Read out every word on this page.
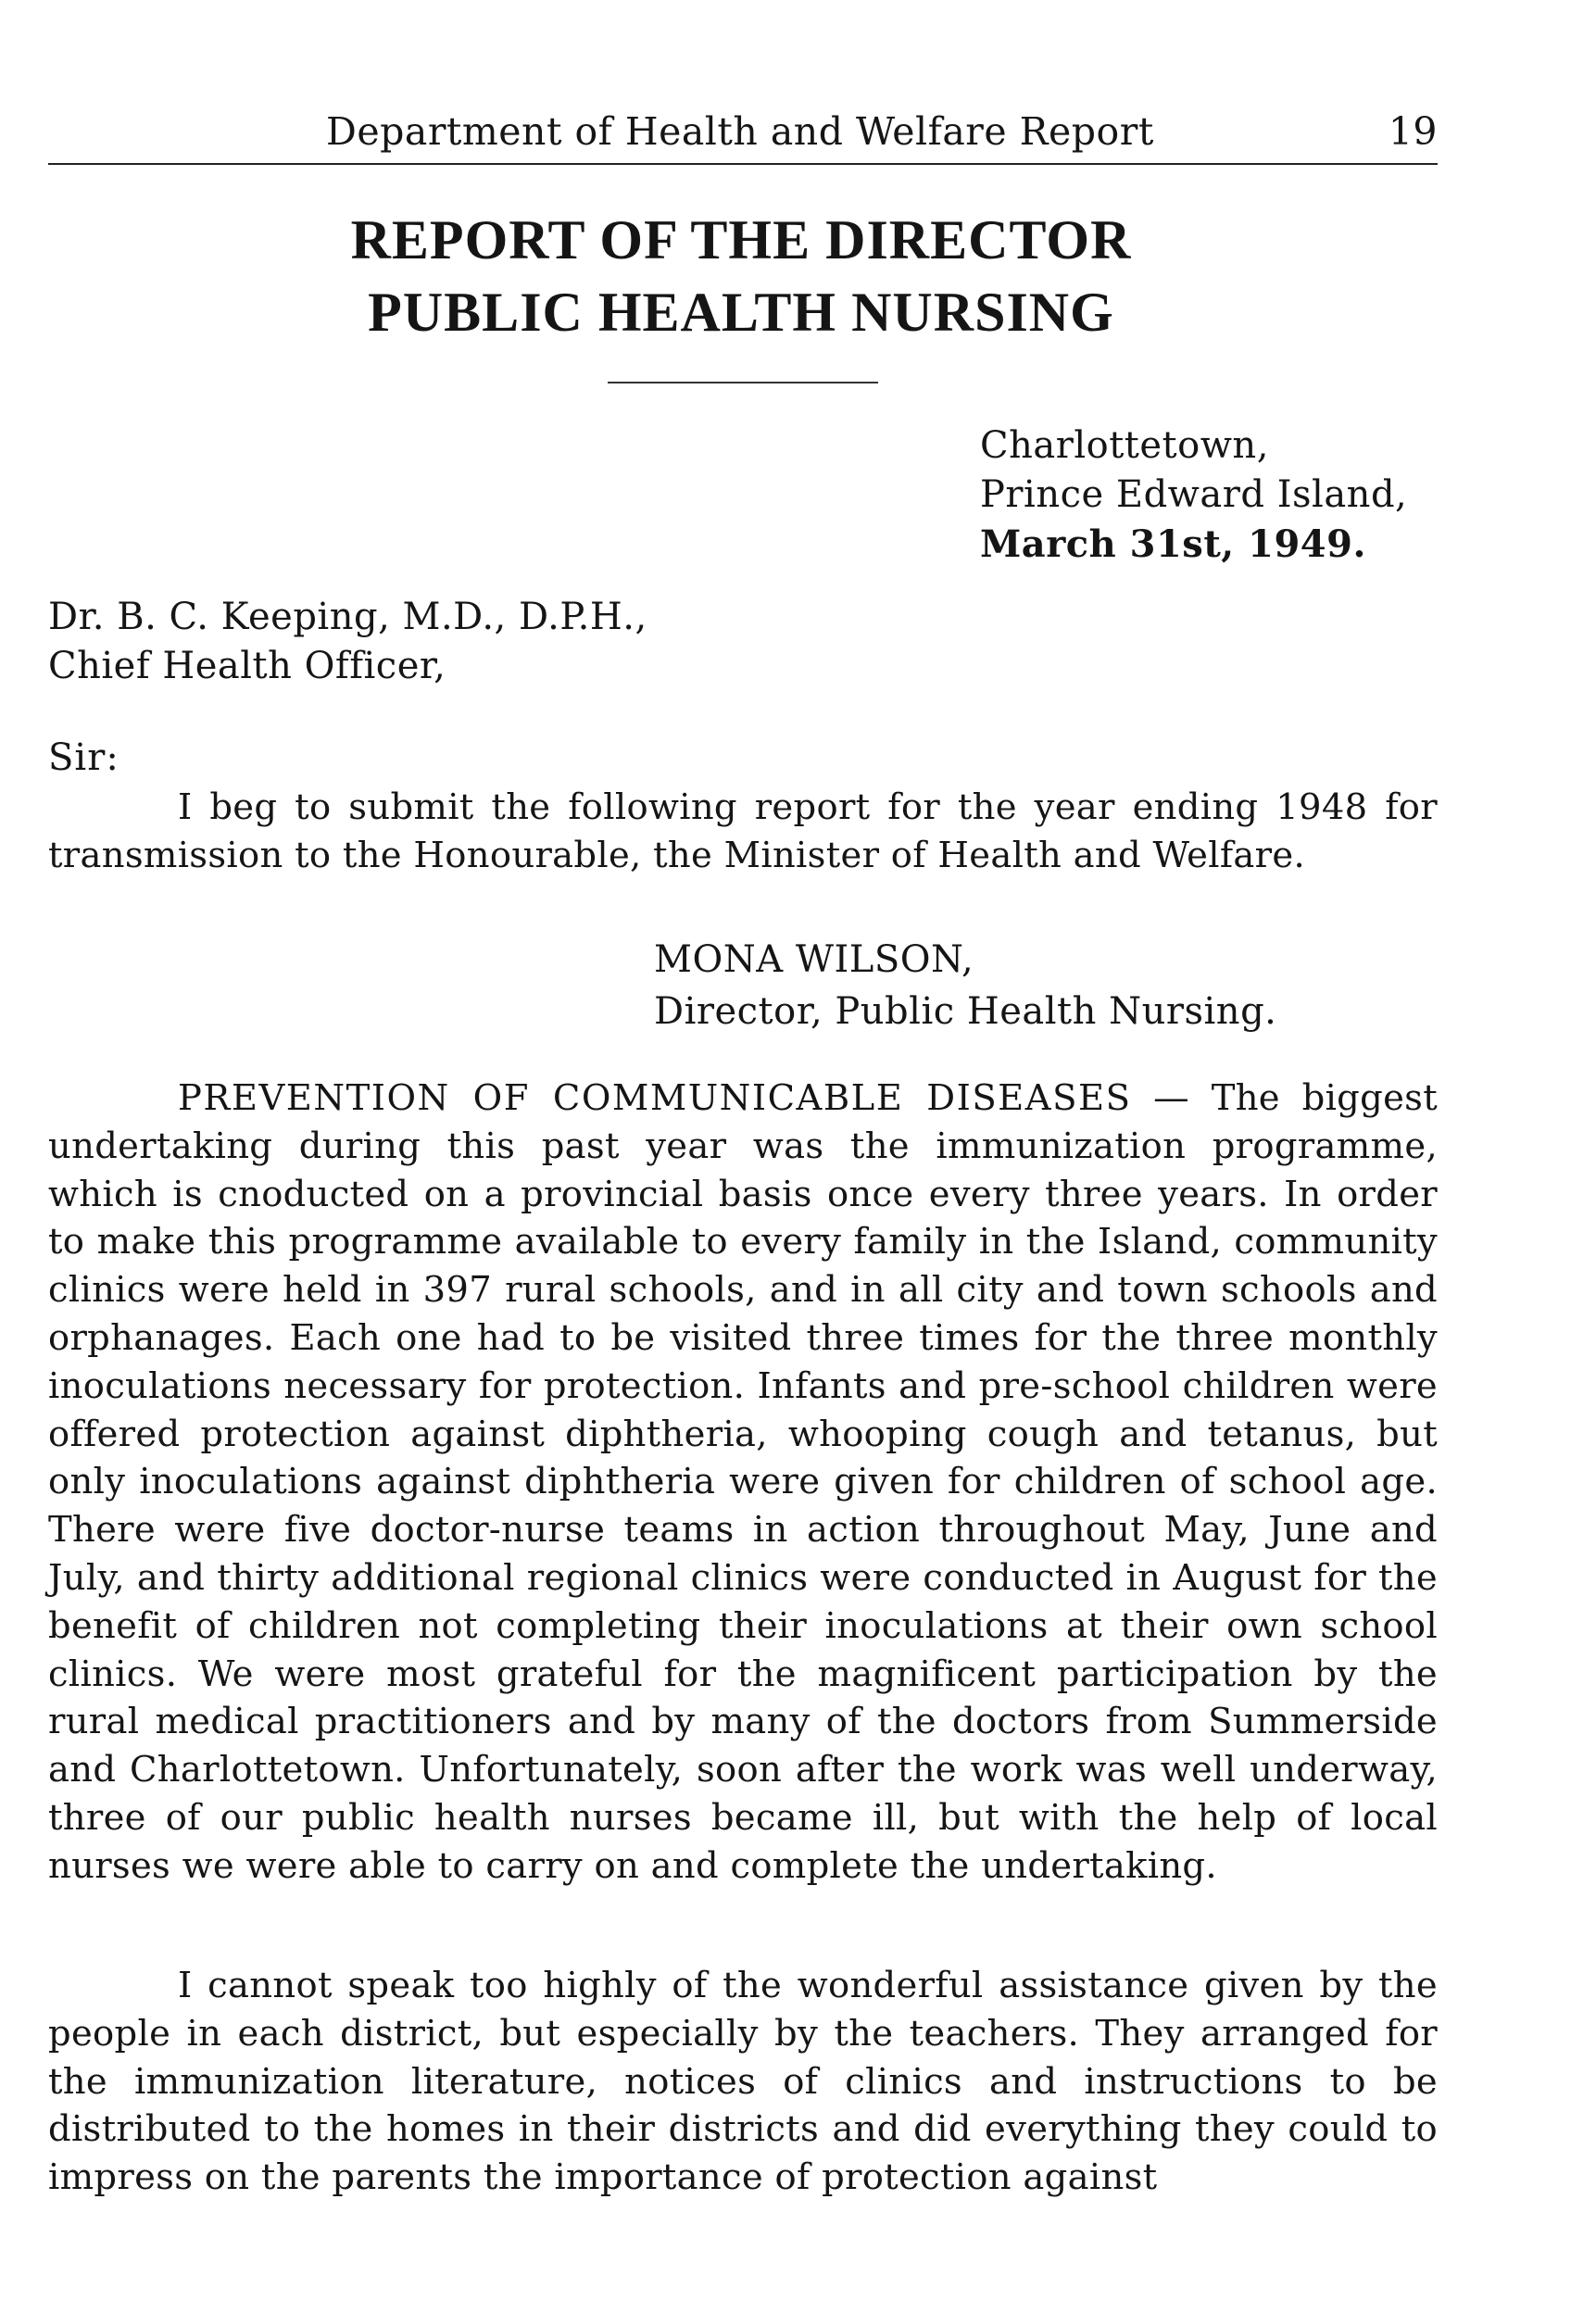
Department of Health and Welfare Report	19
REPORT OF THE DIRECTOR
PUBLIC HEALTH NURSING
Charlottetown,
Prince Edward Island,
March 31st, 1949.
Dr. B. C. Keeping, M.D., D.P.H.,
Chief Health Officer,
Sir:

I beg to submit the following report for the year ending 1948 for transmission to the Honourable, the Minister of Health and Welfare.

MONA WILSON,
Director, Public Health Nursing.

PREVENTION OF COMMUNICABLE DISEASES — The biggest undertaking during this past year was the immunization programme, which is cnoducted on a provincial basis once every three years. In order to make this programme available to every family in the Island, community clinics were held in 397 rural schools, and in all city and town schools and orphanages. Each one had to be visited three times for the three monthly inoculations necessary for protection. Infants and pre-school children were offered protection against diphtheria, whooping cough and tetanus, but only inoculations against diphtheria were given for children of school age. There were five doctor-nurse teams in action throughout May, June and July, and thirty additional regional clinics were conducted in August for the benefit of children not completing their inoculations at their own school clinics. We were most grateful for the magnificent participation by the rural medical practitioners and by many of the doctors from Summerside and Charlottetown. Unfortunately, soon after the work was well underway, three of our public health nurses became ill, but with the help of local nurses we were able to carry on and complete the undertaking.

I cannot speak too highly of the wonderful assistance given by the people in each district, but especially by the teachers. They arranged for the immunization literature, notices of clinics and instructions to be distributed to the homes in their districts and did everything they could to impress on the parents the importance of protection against
